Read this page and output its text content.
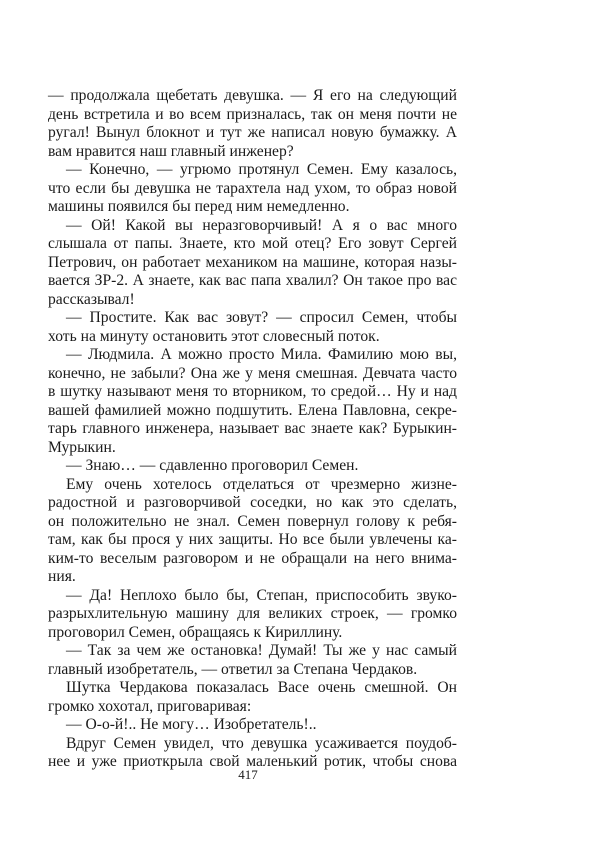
— продолжала щебетать девушка. — Я его на следующий
день встретила и во всем призналась, так он меня почти не
ругал! Вынул блокнот и тут же написал новую бумажку. А
вам нравится наш главный инженер?
— Конечно, — угрюмо протянул Семен. Ему казалось,
что если бы девушка не тарахтела над ухом, то образ новой
машины появился бы перед ним немедленно.
— Ой! Какой вы неразговорчивый! А я о вас много
слышала от папы. Знаете, кто мой отец? Его зовут Сергей
Петрович, он работает механиком на машине, которая назы-
вается ЗР-2. А знаете, как вас папа хвалил? Он такое про вас
рассказывал!
— Простите. Как вас зовут? — спросил Семен, чтобы
хоть на минуту остановить этот словесный поток.
— Людмила. А можно просто Мила. Фамилию мою вы,
конечно, не забыли? Она же у меня смешная. Девчата часто
в шутку называют меня то вторником, то средой… Ну и над
вашей фамилией можно подшутить. Елена Павловна, секре-
тарь главного инженера, называет вас знаете как? Бурыкин-
Мурыкин.
— Знаю… — сдавленно проговорил Семен.
Ему очень хотелось отделаться от чрезмерно жизне-
радостной и разговорчивой соседки, но как это сделать,
он положительно не знал. Семен повернул голову к ребя-
там, как бы прося у них защиты. Но все были увлечены ка-
ким-то веселым разговором и не обращали на него внима-
ния.
— Да! Неплохо было бы, Степан, приспособить звуко-
разрыхлительную машину для великих строек, — громко
проговорил Семен, обращаясь к Кириллину.
— Так за чем же остановка! Думай! Ты же у нас самый
главный изобретатель, — ответил за Степана Чердаков.
Шутка Чердакова показалась Васе очень смешной. Он
громко хохотал, приговаривая:
— О-о-й!.. Не могу… Изобретатель!..
Вдруг Семен увидел, что девушка усаживается поудоб-
нее и уже приоткрыла свой маленький ротик, чтобы снова
417
